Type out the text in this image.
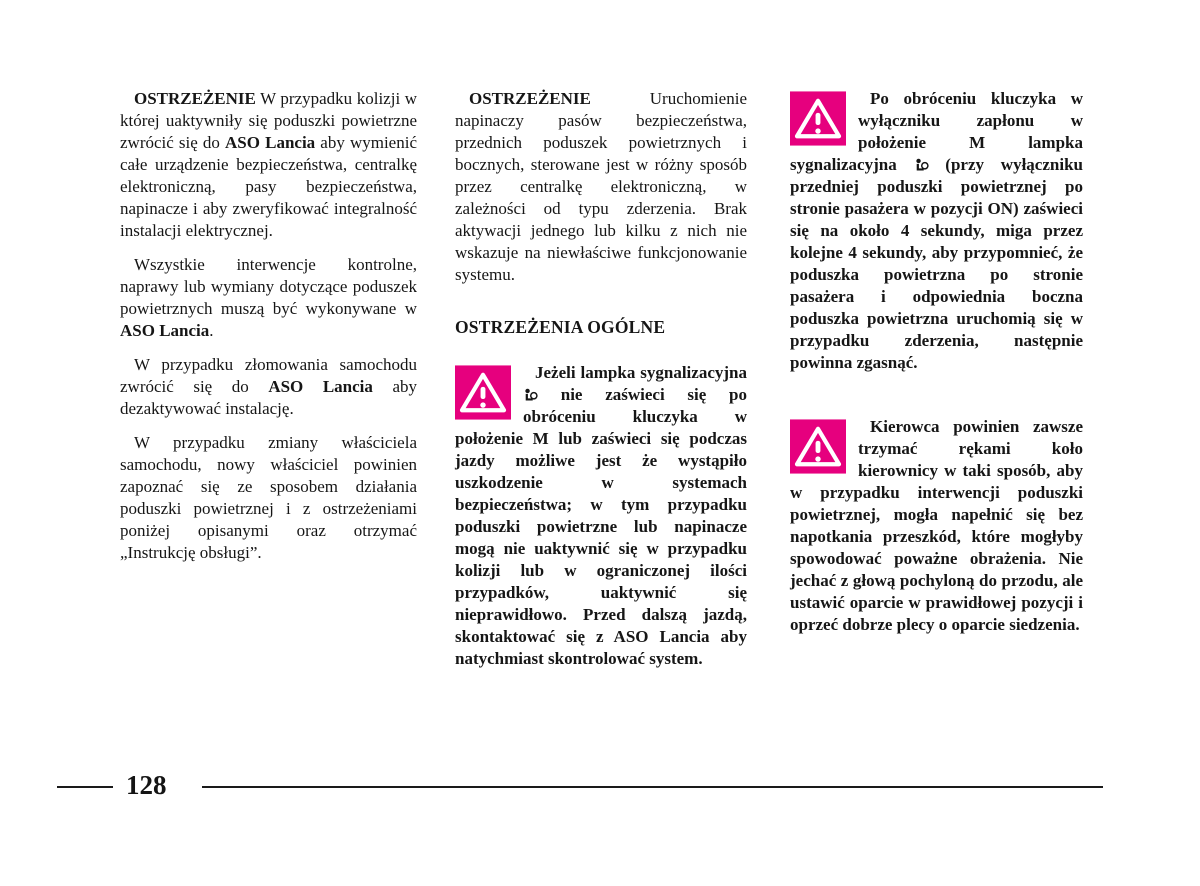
OSTRZEŻENIE W przypadku kolizji w której uaktywniły się poduszki powietrzne zwrócić się do ASO Lancia aby wymienić całe urządzenie bezpieczeństwa, centralkę elektroniczną, pasy bezpieczeństwa, napinacze i aby zweryfikować integralność instalacji elektrycznej.

Wszystkie interwencje kontrolne, naprawy lub wymiany dotyczące poduszek powietrznych muszą być wykonywane w ASO Lancia.

W przypadku złomowania samochodu zwrócić się do ASO Lancia aby dezaktywować instalację.

W przypadku zmiany właściciela samochodu, nowy właściciel powinien zapoznać się ze sposobem działania poduszki powietrznej i z ostrzeżeniami poniżej opisanymi oraz otrzymać „Instrukcję obsługi”.

OSTRZEŻENIE Uruchomienie napinaczy pasów bezpieczeństwa, przednich poduszek powietrznych i bocznych, sterowane jest w różny sposób przez centralkę elektroniczną, w zależności od typu zderzenia. Brak aktywacji jednego lub kilku z nich nie wskazuje na niewłaściwe funkcjonowanie systemu.

OSTRZEŻENIA OGÓLNE

Jeżeli lampka sygnalizacyjna
nie zaświeci się po obróceniu kluczyka w położenie M lub zaświeci się podczas jazdy możliwe jest że wystąpiło uszkodzenie w systemach bezpieczeństwa; w tym przypadku poduszki powietrzne lub napinacze mogą nie uaktywnić się w przypadku kolizji lub w ograniczonej ilości przypadków, uaktywnić się nieprawidłowo. Przed dalszą jazdą, skontaktować się z ASO Lancia aby natychmiast skontrolować system.

Po obróceniu kluczyka w wyłączniku zapłonu w położenie M lampka sygnalizacyjna
(przy wyłączniku przedniej poduszki powietrznej po stronie pasażera w pozycji ON) zaświeci się na około 4 sekundy, miga przez kolejne 4 sekundy, aby przypomnieć, że poduszka powietrzna po stronie pasażera i odpowiednia boczna poduszka powietrzna uruchomią się w przypadku zderzenia, następnie powinna zgasnąć.

Kierowca powinien zawsze trzymać rękami koło kierownicy w taki sposób, aby w przypadku interwencji poduszki powietrznej, mogła napełnić się bez napotkania przeszkód, które mogłyby spowodować poważne obrażenia. Nie jechać z głową pochyloną do przodu, ale ustawić oparcie w prawidłowej pozycji i oprzeć dobrze plecy o oparcie siedzenia.

128
